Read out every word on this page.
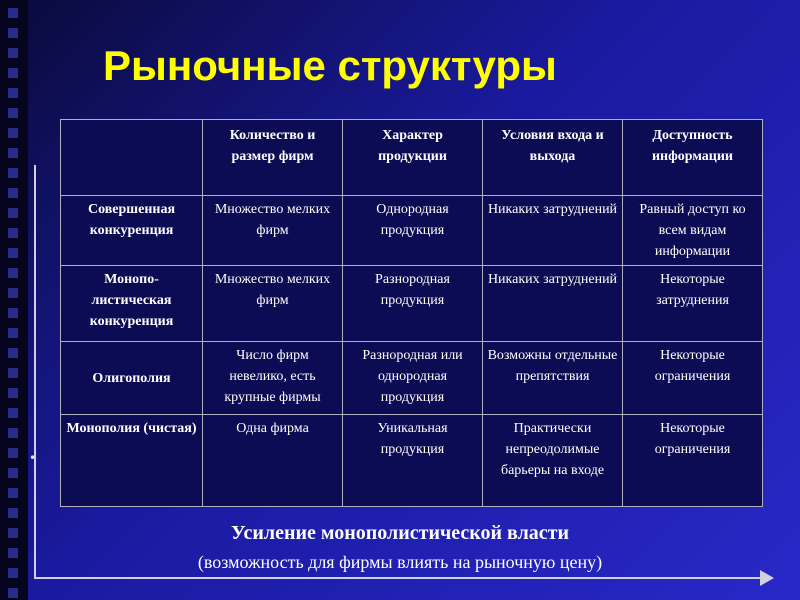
Рыночные структуры
•
	Количество и размер фирм	Характер продукции	Условия входа и выхода	Доступность информации
Совершенная конкуренция	Множество мелких фирм	Однородная продукция	Никаких затруднений	Равный доступ ко всем видам информации
Монопо-листическая конкуренция	Множество мелких фирм	Разнородная продукция	Никаких затруднений	Некоторые затруднения
Олигополия	Число фирм невелико, есть крупные фирмы	Разнородная или однородная продукция	Возможны отдельные препятствия	Некоторые ограничения
Монополия (чистая)	Одна фирма	Уникальная продукция	Практически непреодолимые барьеры на входе	Некоторые ограничения
Усиление монополистической власти
(возможность для фирмы влиять на рыночную цену)
